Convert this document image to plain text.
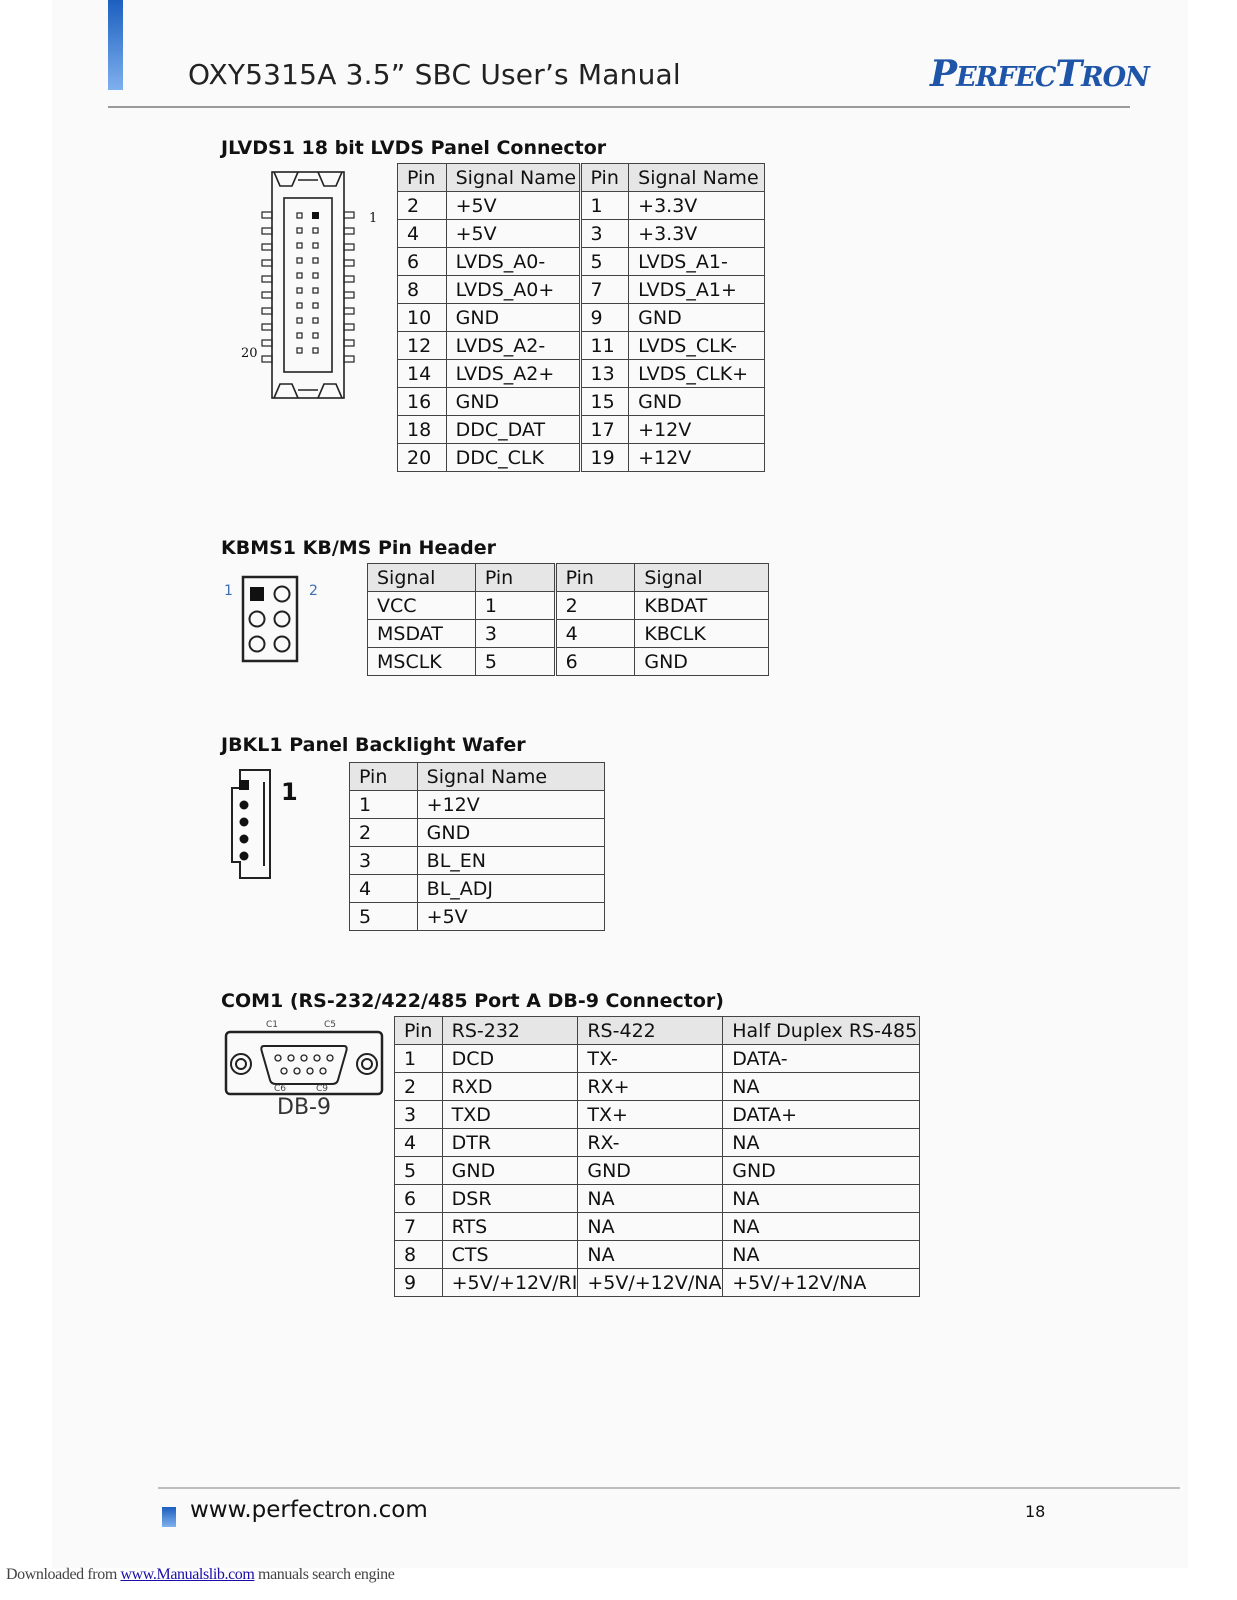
OXY5315A 3.5” SBC User’s Manual	PERFECTRON
JLVDS1 18 bit LVDS Panel Connector
1
20
Pin	Signal Name	Pin	Signal Name
2	+5V	1	+3.3V
4	+5V	3	+3.3V
6	LVDS_A0-	5	LVDS_A1-
8	LVDS_A0+	7	LVDS_A1+
10	GND	9	GND
12	LVDS_A2-	11	LVDS_CLK-
14	LVDS_A2+	13	LVDS_CLK+
16	GND	15	GND
18	DDC_DAT	17	+12V
20	DDC_CLK	19	+12V
KBMS1 KB/MS Pin Header
1	2
Signal	Pin	Pin	Signal
VCC	1	2	KBDAT
MSDAT	3	4	KBCLK
MSCLK	5	6	GND
JBKL1 Panel Backlight Wafer
1
Pin	Signal Name
1	+12V
2	GND
3	BL_EN
4	BL_ADJ
5	+5V
COM1 (RS-232/422/485 Port A DB-9 Connector)
C1	C5
C6	C9
DB-9
Pin	RS-232	RS-422	Half Duplex RS-485
1	DCD	TX-	DATA-
2	RXD	RX+	NA
3	TXD	TX+	DATA+
4	DTR	RX-	NA
5	GND	GND	GND
6	DSR	NA	NA
7	RTS	NA	NA
8	CTS	NA	NA
9	+5V/+12V/RI	+5V/+12V/NA	+5V/+12V/NA
www.perfectron.com	18
Downloaded from www.Manualslib.com manuals search engine
